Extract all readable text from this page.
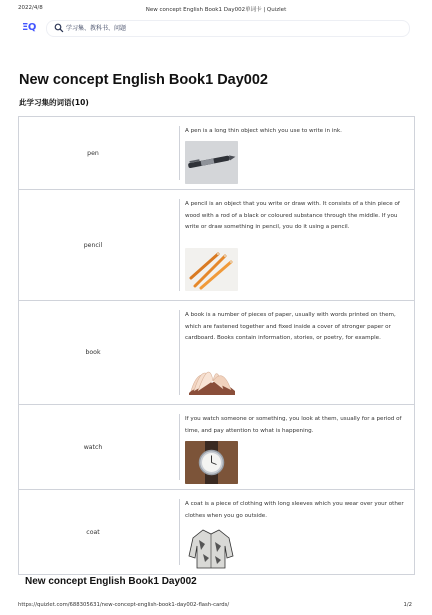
2022/4/8	New concept English Book1 Day002单词卡 | Quizlet
ΞQ
学习集、教科书、问题
New concept English Book1 Day002
此学习集的词语(10)
pen
A pen is a long thin object which you use to write in ink.
pencil
A pencil is an object that you write or draw with. It consists of a thin piece of wood with a rod of a black or coloured substance through the middle. If you write or draw something in pencil, you do it using a pencil.
book
A book is a number of pieces of paper, usually with words printed on them, which are fastened together and fixed inside a cover of stronger paper or cardboard. Books contain information, stories, or poetry, for example.
watch
If you watch someone or something, you look at them, usually for a period of time, and pay attention to what is happening.
coat
A coat is a piece of clothing with long sleeves which you wear over your other clothes when you go outside.
New concept English Book1 Day002
https://quizlet.com/688305631/new-concept-english-book1-day002-flash-cards/	1/2
